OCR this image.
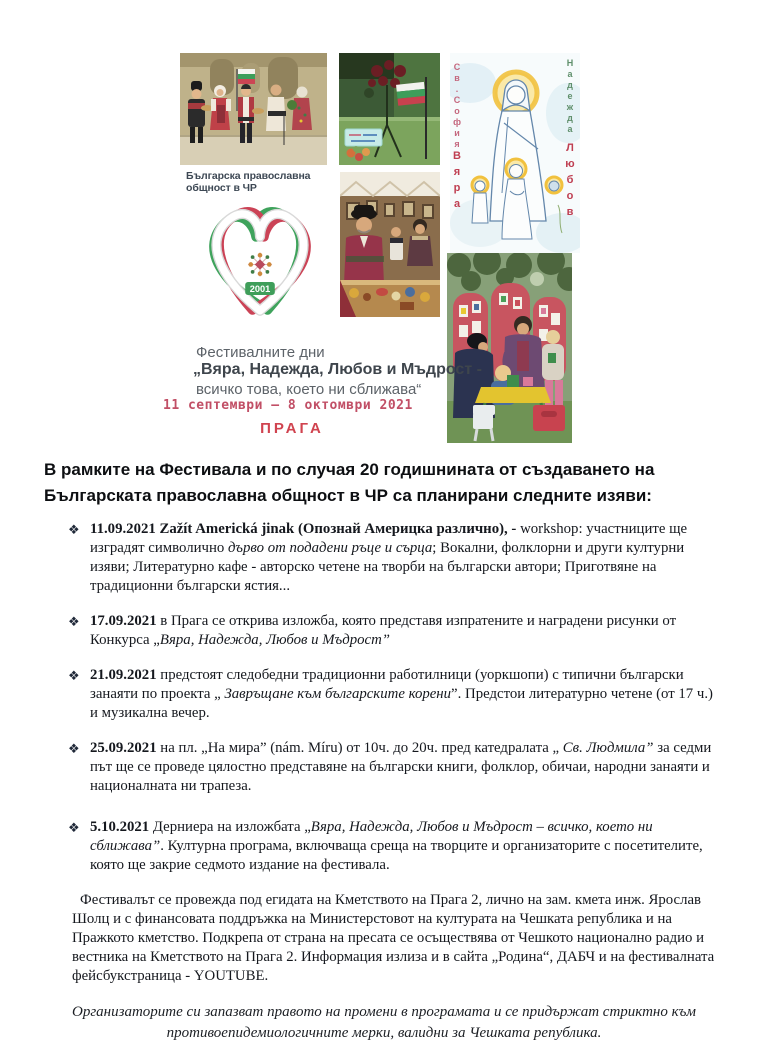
Св.София
Вяра
Надежда
Любов
Българска православна общност в ЧР
2001
Фестивалните дни
„Вяра, Надежда, Любов и Мъдрост -
всичко това, което ни сближава“
11 септември – 8 октомври 2021
ПРАГА

В рамките на Фестивала и по случая 20 годишнината от създаването на Българската православна общност в ЧР са планирани следните изяви:

❖ 11.09.2021 Zažít Americká jinak (Опознай Америцка различно), - workshop: участниците ще изградят символично дърво от подадени ръце и сърца; Вокални, фолклорни и други културни изяви; Литературно кафе - авторско четене на творби на български автори; Приготвяне на традиционни български ястия...
❖ 17.09.2021 в Прага се открива изложба, която представя изпратените и наградени рисунки от Конкурса „Вяра, Надежда, Любов и Мъдрост”
❖ 21.09.2021 предстоят следобедни традиционни работилници (уоркшопи) с типични български занаяти по проекта „ Завръщане към българските корени”. Предстои литературно четене (от 17 ч.) и музикална вечер.
❖ 25.09.2021 на пл. „На мира” (nám. Míru) от 10ч. до 20ч. пред катедралата „ Св. Людмила” за седми път ще се проведе цялостно представяне на български книги, фолклор, обичаи, народни занаяти и националната ни трапеза.
❖ 5.10.2021 Дерниера на изложбата „Вяра, Надежда, Любов и Мъдрост – всичко, което ни сближава”. Културна програма, включваща среща на творците и организаторите с посетителите, която ще закрие седмото издание на фестивала.

Фестивалът се провежда под егидата на Кметството на Прага 2, лично на зам. кмета инж. Ярослав Шолц и с финансовата поддръжка на Министерстовот на културата на Чешката република и на Пражкото кметство. Подкрепа от страна на пресата се осъществява от Чешкото национално радио и вестника на Кметството на Прага 2. Информация излиза и в сайта „Родина“, ДАБЧ и на фестивалната фейсбукстраница - YOUTUBE.

Организаторите си запазват правото на промени в програмата и се придържат стриктно към противоепидемиологичните мерки, валидни за Чешката република.
